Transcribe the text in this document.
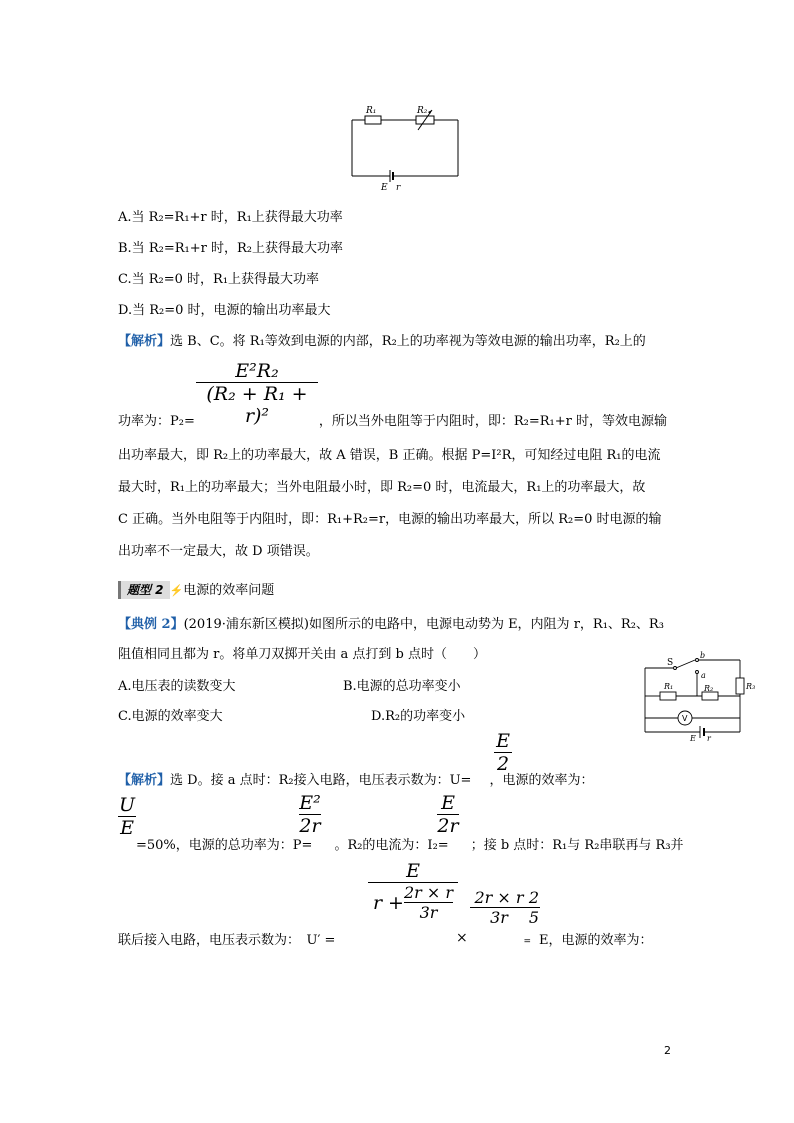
R₁	R₂
E r
A.当 R₂=R₁+r 时，R₁上获得最大功率
B.当 R₂=R₁+r 时，R₂上获得最大功率
C.当 R₂=0 时，R₁上获得最大功率
D.当 R₂=0 时，电源的输出功率最大
【解析】选 B、C。将 R₁等效到电源的内部，R₂上的功率视为等效电源的输出功率，R₂上的
$\frac{\text{E²R₂}}{\text{(R₂ + R₁ + r)²}}$
功率为：P₂=	，所以当外电阻等于内阻时，即：R₂=R₁+r 时，等效电源输
出功率最大，即 R₂上的功率最大，故 A 错误，B 正确。根据 P=I²R，可知经过电阻 R₁的电流
最大时，R₁上的功率最大；当外电阻最小时，即 R₂=0 时，电流最大，R₁上的功率最大，故
C 正确。当外电阻等于内阻时，即：R₁+R₂=r，电源的输出功率最大，所以 R₂=0 时电源的输
出功率不一定最大，故 D 项错误。
题型 2 ⚡电源的效率问题
【典例 2】(2019·浦东新区模拟)如图所示的电路中，电源电动势为 E，内阻为 r，R₁、R₂、R₃
阻值相同且都为 r。将单刀双掷开关由 a 点打到 b 点时（　　）
A.电压表的读数变大	B.电源的总功率变小
C.电源的效率变大	D.R₂的功率变小
S
b
a
R₁	R₂	R₃
V
E r
$\frac{E}{2}$
【解析】选 D。接 a 点时：R₂接入电路，电压表示数为：U= ，电源的效率为：
$\frac{U}{E}$	$\frac{\text{E²}}{2r}$	$\frac{E}{2r}$
=50%，电源的总功率为：P= 。R₂的电流为：I₂= ；接 b 点时：R₁与 R₂串联再与 R₃并
E
$r + \frac{2r \times r}{3r} \frac{2r \times r}{3r} \frac{2}{5}$
×
联后接入电路，电压表示数为：　U′ =	= E，电源的效率为：
2
